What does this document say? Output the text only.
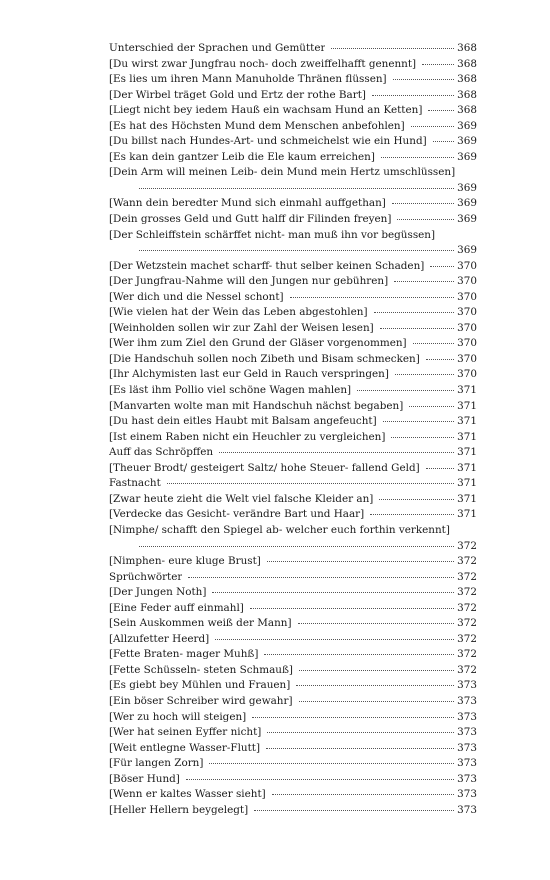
Unterschied der Sprachen und Gemütter	368
[Du wirst zwar Jungfrau noch- doch zweiffelhafft genennt]	368
[Es lies um ihren Mann Manuholde Thränen flüssen]	368
[Der Wirbel träget Gold und Ertz der rothe Bart]	368
[Liegt nicht bey iedem Hauß ein wachsam Hund an Ketten]	368
[Es hat des Höchsten Mund dem Menschen anbefohlen]	369
[Du billst nach Hundes-Art- und schmeichelst wie ein Hund]	369
[Es kan dein gantzer Leib die Ele kaum erreichen]	369
[Dein Arm will meinen Leib- dein Mund mein Hertz umschlüssen]
369
[Wann dein beredter Mund sich einmahl auffgethan]	369
[Dein grosses Geld und Gutt halff dir Filinden freyen]	369
[Der Schleiffstein schärffet nicht- man muß ihn vor begüssen]
369
[Der Wetzstein machet scharff- thut selber keinen Schaden]	370
[Der Jungfrau-Nahme will den Jungen nur gebühren]	370
[Wer dich und die Nessel schont]	370
[Wie vielen hat der Wein das Leben abgestohlen]	370
[Weinholden sollen wir zur Zahl der Weisen lesen]	370
[Wer ihm zum Ziel den Grund der Gläser vorgenommen]	370
[Die Handschuh sollen noch Zibeth und Bisam schmecken]	370
[Ihr Alchymisten last eur Geld in Rauch verspringen]	370
[Es läst ihm Pollio viel schöne Wagen mahlen]	371
[Manvarten wolte man mit Handschuh nächst begaben]	371
[Du hast dein eitles Haubt mit Balsam angefeucht]	371
[Ist einem Raben nicht ein Heuchler zu vergleichen]	371
Auff das Schröpffen	371
[Theuer Brodt/ gesteigert Saltz/ hohe Steuer- fallend Geld]	371
Fastnacht	371
[Zwar heute zieht die Welt viel falsche Kleider an]	371
[Verdecke das Gesicht- verändre Bart und Haar]	371
[Nimphe/ schafft den Spiegel ab- welcher euch forthin verkennt]
372
[Nimphen- eure kluge Brust]	372
Sprüchwörter	372
[Der Jungen Noth]	372
[Eine Feder auff einmahl]	372
[Sein Auskommen weiß der Mann]	372
[Allzufetter Heerd]	372
[Fette Braten- mager Muhß]	372
[Fette Schüsseln- steten Schmauß]	372
[Es giebt bey Mühlen und Frauen]	373
[Ein böser Schreiber wird gewahr]	373
[Wer zu hoch will steigen]	373
[Wer hat seinen Eyffer nicht]	373
[Weit entlegne Wasser-Flutt]	373
[Für langen Zorn]	373
[Böser Hund]	373
[Wenn er kaltes Wasser sieht]	373
[Heller Hellern beygelegt]	373
